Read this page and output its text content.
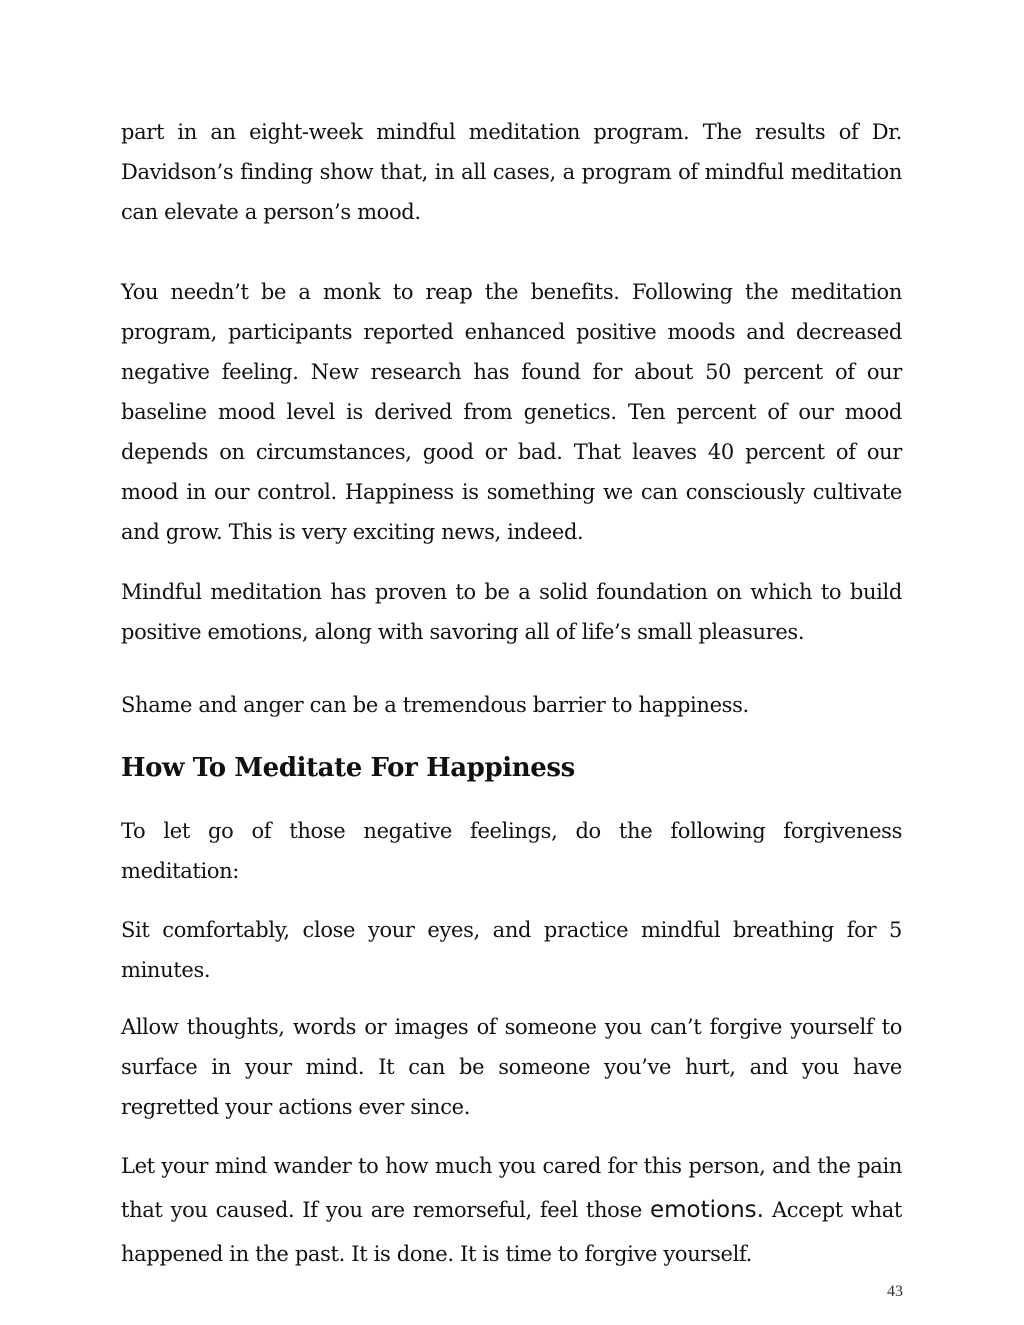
part in an eight-week mindful meditation program. The results of Dr. Davidson’s finding show that, in all cases, a program of mindful meditation can elevate a person’s mood.

You needn’t be a monk to reap the benefits. Following the meditation program, participants reported enhanced positive moods and decreased negative feeling. New research has found for about 50 percent of our baseline mood level is derived from genetics. Ten percent of our mood depends on circumstances, good or bad. That leaves 40 percent of our mood in our control. Happiness is something we can consciously cultivate and grow. This is very exciting news, indeed.

Mindful meditation has proven to be a solid foundation on which to build positive emotions, along with savoring all of life’s small pleasures.

Shame and anger can be a tremendous barrier to happiness.

How To Meditate For Happiness

To let go of those negative feelings, do the following forgiveness meditation:

Sit comfortably, close your eyes, and practice mindful breathing for 5 minutes.

Allow thoughts, words or images of someone you can’t forgive yourself to surface in your mind. It can be someone you’ve hurt, and you have regretted your actions ever since.

Let your mind wander to how much you cared for this person, and the pain that you caused. If you are remorseful, feel those emotions. Accept what happened in the past. It is done. It is time to forgive yourself.

43
